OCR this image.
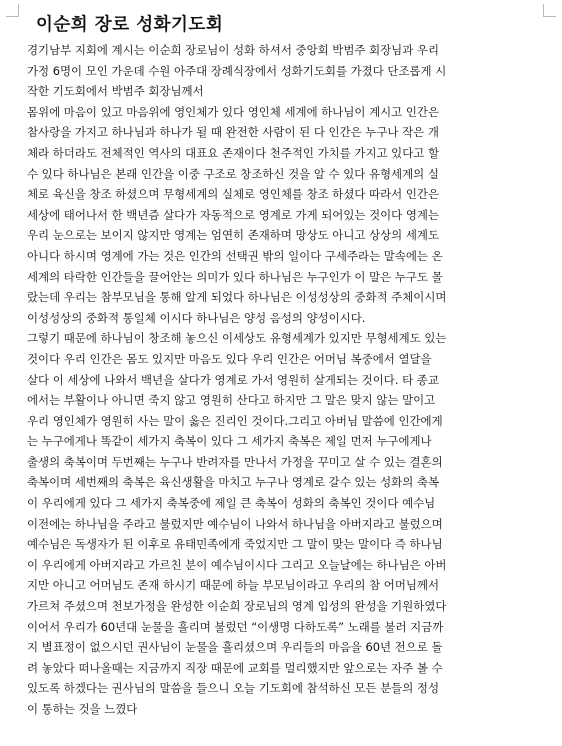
이순희 장로 성화기도회
경기남부 지회에 계시는 이순희 장로님이 성화 하셔서 중앙회 박범주 회장님과 우리
가정 6명이 모인 가운데 수원 아주대 장례식장에서 성화기도회를 가졌다 단조롭게 시
작한 기도회에서 박범주 회장님께서
몸위에 마음이 있고 마음위에 영인체가 있다 영인체 세계에 하나님이 계시고 인간은
참사랑을 가지고 하나님과 하나가 될 때 완전한 사람이 된 다 인간은 누구나 작은 개
체라 하더라도 전체적인 역사의 대표요 존재이다 천주적인 가치를 가지고 있다고 할
수 있다 하나님은 본래 인간을 이중 구조로 창조하신 것을 알 수 있다 유형세계의 실
체로 육신을 창조 하셨으며 무형세계의 실체로 영인체를 창조 하셨다 따라서 인간은
세상에 태어나서 한 백년즘 살다가 자동적으로 영계로 가게 되어있는 것이다 영계는
우리 눈으로는 보이지 않지만 영계는 엄연히 존재하며 망상도 아니고 상상의 세계도
아니다 하시며 영계에 가는 것은 인간의 선택권 밖의 일이다 구세주라는 말속에는 온
세계의 타락한 인간들을 끌어안는 의미가 있다 하나님은 누구인가 이 말은 누구도 몰
랐는데 우리는 참부모님을 통해 알게 되었다 하나님은 이성성상의 중화적 주체이시며
이성성상의 중화적 통일체 이시다 하나님은 양성 음성의 양성이시다.
그렇기 때문에 하나님이 창조해 놓으신 이세상도 유형세계가 있지만 무형세계도 있는
것이다 우리 인간은 몸도 있지만 마음도 있다 우리 인간은 어머님 복중에서 열달을
살다 이 세상에 나와서 백년을 살다가 영계로 가서 영원히 살게되는 것이다. 타 종교
에서는 부활이나 아니면 죽지 않고 영원히 산다고 하지만 그 말은 맞지 않는 말이고
우리 영인체가 영원히 사는 말이 옳은 진리인 것이다.그리고 아버님 말씀에 인간에게
는 누구에게나 똑같이 세가지 축복이 있다 그 세가지 축복은 제일 먼저 누구에게나
출생의 축복이며 두번째는 누구나 반려자를 만나서 가정을 꾸미고 살 수 있는 결혼의
축복이며 세번째의 축복은 육신생활을 마치고 누구나 영계로 갈수 있는 성화의 축복
이 우리에게 있다 그 세가지 축복중에 제일 큰 축복이 성화의 축복인 것이다 예수님
이전에는 하나님을 주라고 불렀지만 예수님이 나와서 하나님을 아버지라고 불렀으며
예수님은 독생자가 된 이후로 유태민족에게 죽었지만 그 말이 맞는 말이다 즉 하나님
이 우리에게 아버지라고 가르친 분이 예수님이시다 그리고 오늘날에는 하나님은 아버
지만 아니고 어머님도 존재 하시기 때문에 하늘 부모님이라고 우리의 참 어머님께서
가르쳐 주셨으며 천보가정을 완성한 이순희 장로님의 영계 입성의 완성을 기원하였다
이어서 우리가 60년대 눈물을 흘리며 불렀던 “이생명 다하도록” 노래를 불러 지금까
지 별표정이 없으시던 권사님이 눈물을 흘리셨으며 우리들의 마음을 60년 전으로 돌
려 놓았다 떠나올때는 지금까지 직장 때문에 교회를 멀리했지만 앞으로는 자주 볼 수
있도록 하겠다는 권사님의 말씀을 들으니 오늘 기도회에 참석하신 모든 분들의 정성
이 통하는 것을 느꼈다
